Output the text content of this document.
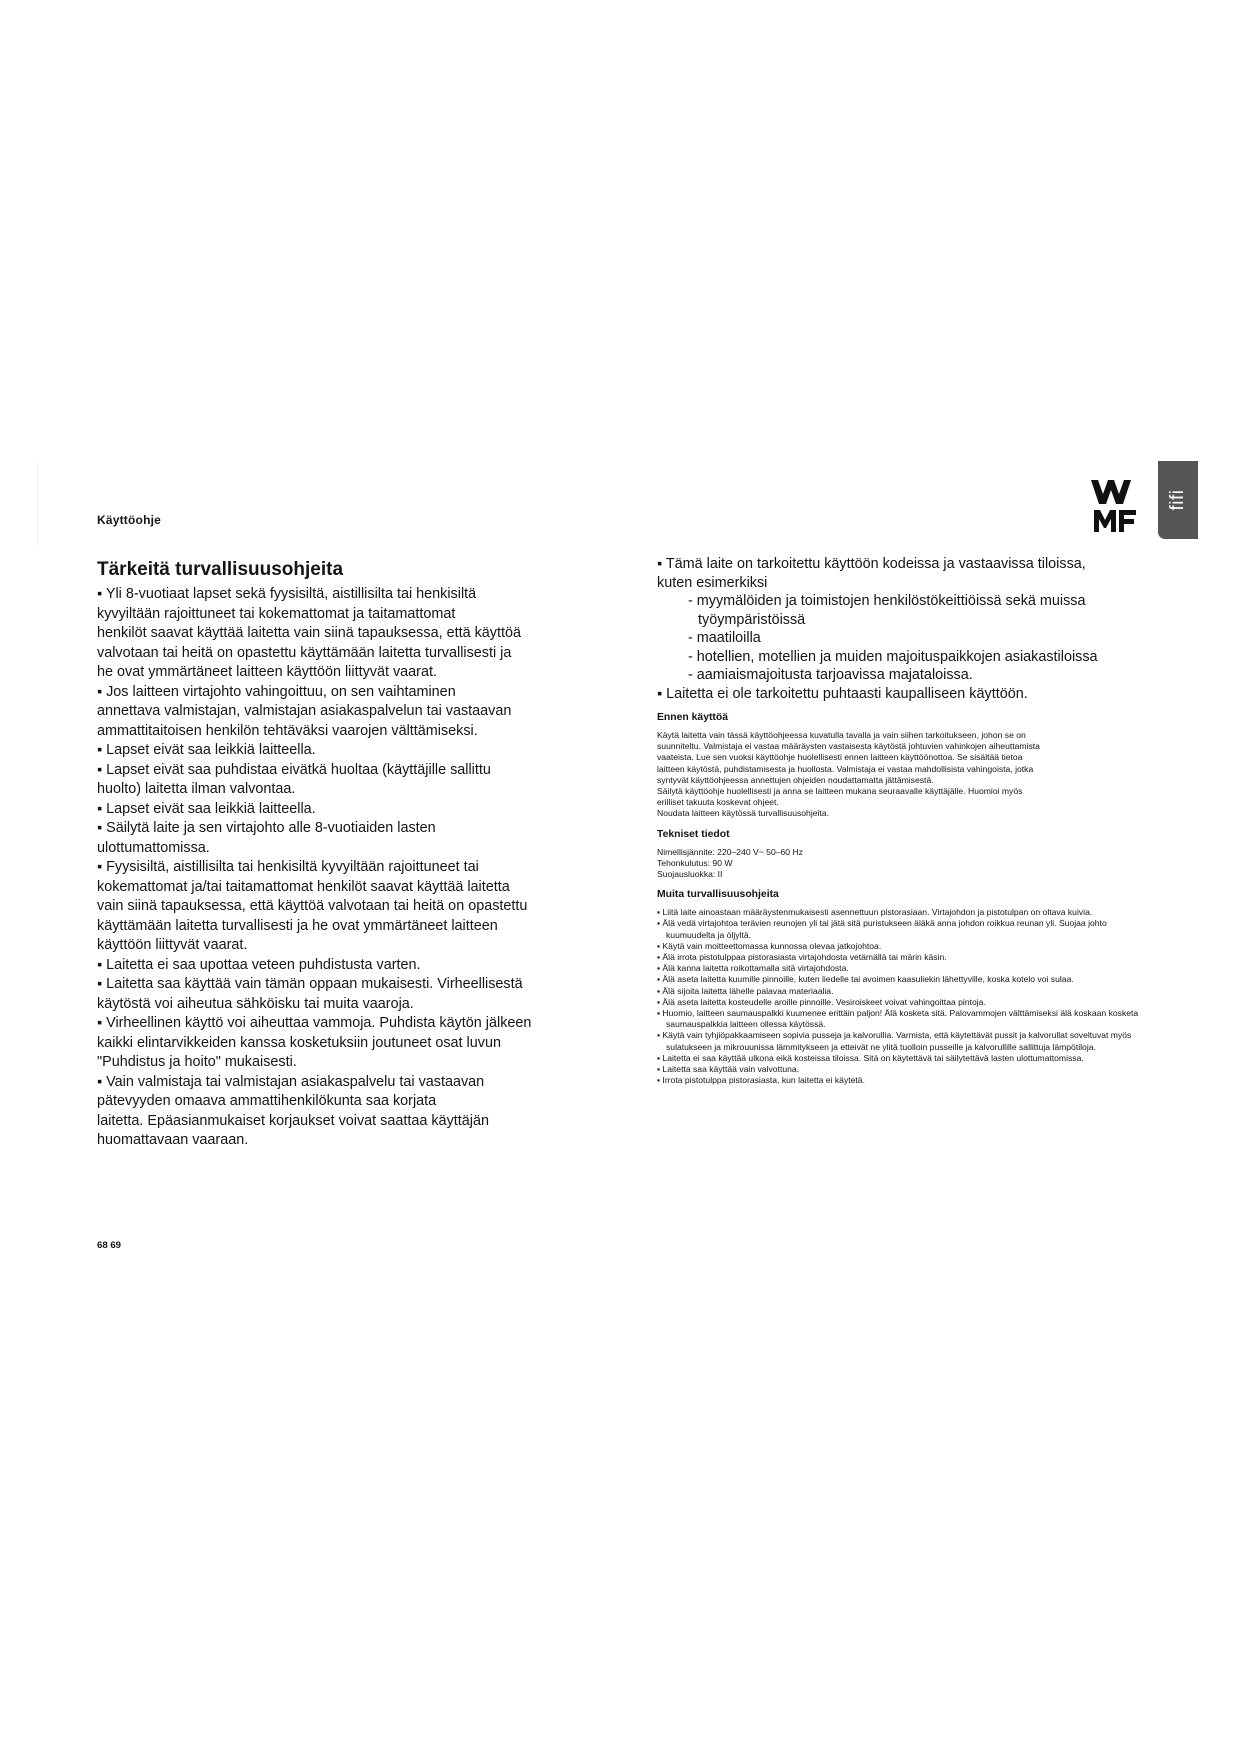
Käyttöohje
fifi
Tärkeitä turvallisuusohjeita

▪ Yli 8-vuotiaat lapset sekä fyysisiltä, aistillisilta tai henkisiltä

kyvyiltään rajoittuneet tai kokemattomat ja taitamattomat

henkilöt saavat käyttää laitetta vain siinä tapauksessa, että käyttöä

valvotaan tai heitä on opastettu käyttämään laitetta turvallisesti ja

he ovat ymmärtäneet laitteen käyttöön liittyvät vaarat.

▪ Jos laitteen virtajohto vahingoittuu, on sen vaihtaminen

annettava valmistajan, valmistajan asiakaspalvelun tai vastaavan

ammattitaitoisen henkilön tehtäväksi vaarojen välttämiseksi.

▪ Lapset eivät saa leikkiä laitteella.

▪ Lapset eivät saa puhdistaa eivätkä huoltaa (käyttäjille sallittu

huolto) laitetta ilman valvontaa.

▪ Lapset eivät saa leikkiä laitteella.

▪ Säilytä laite ja sen virtajohto alle 8-vuotiaiden lasten

ulottumattomissa.

▪ Fyysisiltä, aistillisilta tai henkisiltä kyvyiltään rajoittuneet tai

kokemattomat ja/tai taitamattomat henkilöt saavat käyttää laitetta

vain siinä tapauksessa, että käyttöä valvotaan tai heitä on opastettu

käyttämään laitetta turvallisesti ja he ovat ymmärtäneet laitteen

käyttöön liittyvät vaarat.

▪ Laitetta ei saa upottaa veteen puhdistusta varten.

▪ Laitetta saa käyttää vain tämän oppaan mukaisesti. Virheellisestä

käytöstä voi aiheutua sähköisku tai muita vaaroja.

▪ Virheellinen käyttö voi aiheuttaa vammoja. Puhdista käytön jälkeen

kaikki elintarvikkeiden kanssa kosketuksiin joutuneet osat luvun

"Puhdistus ja hoito" mukaisesti.

▪ Vain valmistaja tai valmistajan asiakaspalvelu tai vastaavan

pätevyyden omaava ammattihenkilökunta saa korjata

laitetta. Epäasianmukaiset korjaukset voivat saattaa käyttäjän

huomattavaan vaaraan.

▪ Tämä laite on tarkoitettu käyttöön kodeissa ja vastaavissa tiloissa,

kuten esimerkiksi

- myymälöiden ja toimistojen henkilöstökeittiöissä sekä muissa

työympäristöissä

- maatiloilla

- hotellien, motellien ja muiden majoituspaikkojen asiakastiloissa

- aamiaismajoitusta tarjoavissa majataloissa.

▪ Laitetta ei ole tarkoitettu puhtaasti kaupalliseen käyttöön.

Ennen käyttöä

Käytä laitetta vain tässä käyttöohjeessa kuvatulla tavalla ja vain siihen tarkoitukseen, johon se on

suunniteltu. Valmistaja ei vastaa määräysten vastaisesta käytöstä johtuvien vahinkojen aiheuttamista

vaateista. Lue sen vuoksi käyttöohje huolellisesti ennen laitteen käyttöönottoa. Se sisältää tietoa

laitteen käytöstä, puhdistamisesta ja huollosta. Valmistaja ei vastaa mahdollisista vahingoista, jotka

syntyvät käyttöohjeessa annettujen ohjeiden noudattamatta jättämisestä.

Säilytä käyttöohje huolellisesti ja anna se laitteen mukana seuraavalle käyttäjälle. Huomioi myös

erilliset takuuta koskevat ohjeet.

Noudata laitteen käytössä turvallisuusohjeita.

Tekniset tiedot

Nimellisjännite: 220–240 V~ 50–60 Hz

Tehonkulutus: 90 W

Suojausluokka: II

Muita turvallisuusohjeita

▪ Liitä laite ainoastaan määräystenmukaisesti asennettuun pistorasiaan. Virtajohdon ja pistotulpan on oltava kuivia.

▪ Älä vedä virtajohtoa terävien reunojen yli tai jätä sitä puristukseen äläkä anna johdon roikkua reunan yli. Suojaa johto kuumuudelta ja öljyltä.

▪ Käytä vain moitteettomassa kunnossa olevaa jatkojohtoa.

▪ Älä irrota pistotulppaa pistorasiasta virtajohdosta vetämällä tai märin käsin.

▪ Älä kanna laitetta roikottamalla sitä virtajohdosta.

▪ Älä aseta laitetta kuumille pinnoille, kuten liedelle tai avoimen kaasuliekin lähettyville, koska kotelo voi sulaa.

▪ Älä sijoita laitetta lähelle palavaa materiaalia.

▪ Älä aseta laitetta kosteudelle aroille pinnoille. Vesiroiskeet voivat vahingoittaa pintoja.

▪ Huomio, laitteen saumauspalkki kuumenee erittäin paljon! Älä kosketa sitä. Palovammojen välttämiseksi älä koskaan kosketa saumauspalkkia laitteen ollessa käytössä.

▪ Käytä vain tyhjiöpakkaamiseen sopivia pusseja ja kalvorullia. Varmista, että käytettävät pussit ja kalvorullat soveltuvat myös sulatukseen ja mikrouunissa lämmitykseen ja etteivät ne ylitä tuolloin pusseille ja kalvorullille sallittuja lämpötiloja.

▪ Laitetta ei saa käyttää ulkona eikä kosteissa tiloissa. Sitä on käytettävä tai säilytettävä lasten ulottumattomissa.

▪ Laitetta saa käyttää vain valvottuna.

▪ Irrota pistotulppa pistorasiasta, kun laitetta ei käytetä.

68 69
